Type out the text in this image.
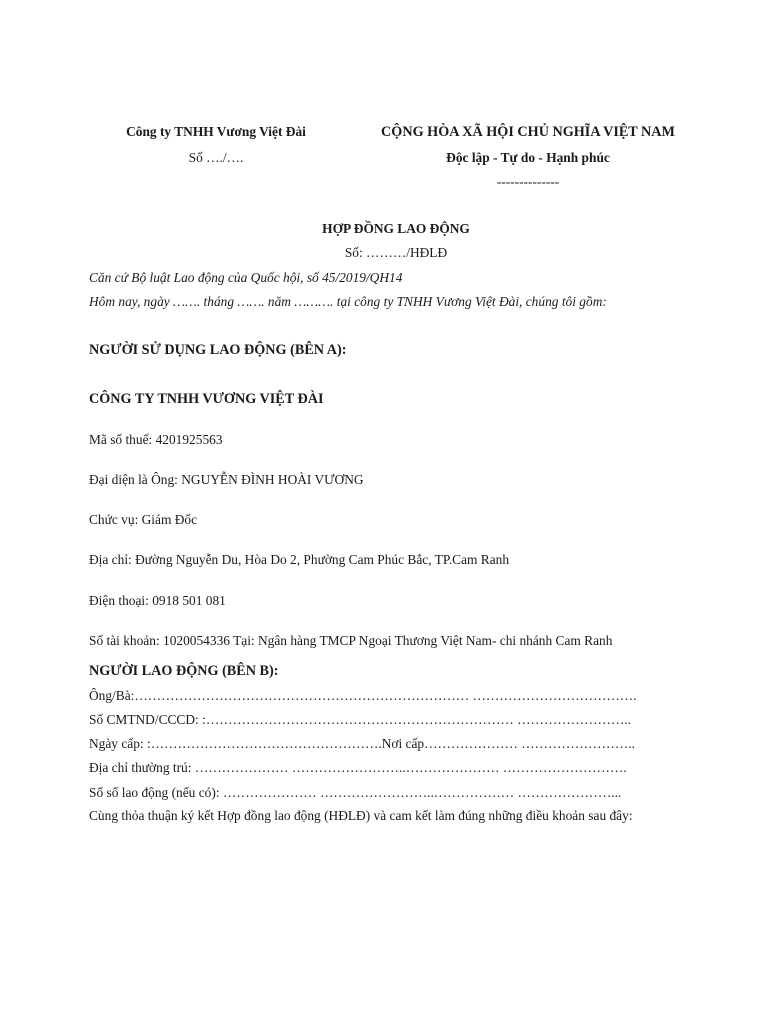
Công ty TNHH Vương Việt Đài
Số …./….
CỘNG HÒA XÃ HỘI CHỦ NGHĨA VIỆT NAM
Độc lập - Tự do - Hạnh phúc
--------------
HỢP ĐỒNG LAO ĐỘNG
Số: ………/HĐLĐ
Căn cứ Bộ luật Lao động của Quốc hội, số 45/2019/QH14
Hôm nay, ngày ……. tháng ……. năm ………. tại công ty TNHH Vương Việt Đài, chúng tôi gồm:
NGƯỜI SỬ DỤNG LAO ĐỘNG (BÊN A):
CÔNG TY TNHH VƯƠNG VIỆT ĐÀI
Mã số thuế: 4201925563
Đại diện là Ông: NGUYỄN ĐÌNH HOÀI VƯƠNG
Chức vụ: Giám Đốc
Địa chỉ: Đường Nguyễn Du, Hòa Do 2, Phường Cam Phúc Bắc, TP.Cam Ranh
Điện thoại: 0918 501 081
Số tài khoản: 1020054336 Tại: Ngân hàng TMCP Ngoại Thương Việt Nam- chi nhánh Cam Ranh
NGƯỜI LAO ĐỘNG (BÊN B):
Ông/Bà:………………………………………………………………… ……………………………….
Số CMTND/CCCD: :…………………………………………………………… ……………………..
Ngày cấp: :…………………………………………….Nơi cấp………………… ……………………..
Địa chỉ thường trú: ………………… ……………………..………………… ……………………….
Sổ sổ lao động (nếu có): ………………… ……………………..……………… …………………...
Cùng thỏa thuận ký kết Hợp đồng lao động (HĐLĐ) và cam kết làm đúng những điều khoản sau đây:
